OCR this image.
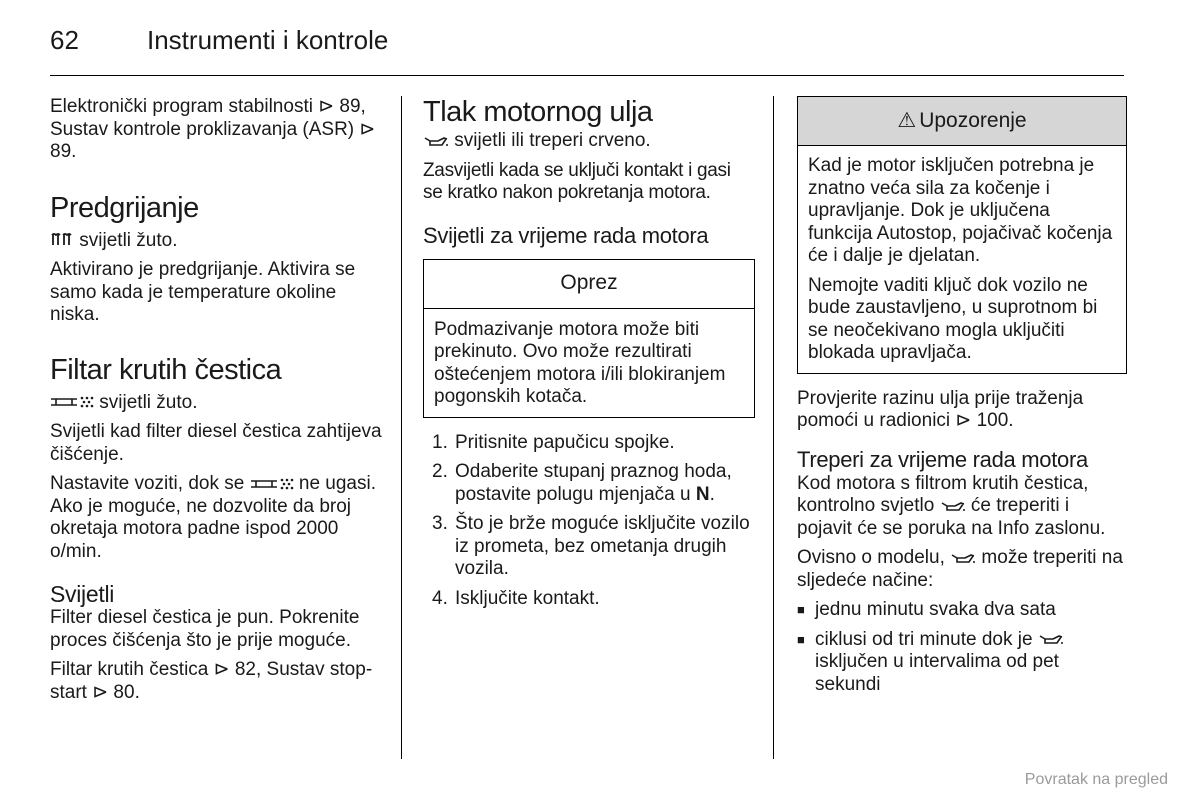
62	Instrumenti i kontrole

Elektronički program stabilnosti ⊳ 89, Sustav kontrole proklizavanja (ASR) ⊳ 89.

Predgrijanje

svijetli žuto.

Aktivirano je predgrijanje. Aktivira se samo kada je temperature okoline niska.

Filtar krutih čestica

svijetli žuto.

Svijetli kad filter diesel čestica zahtijeva čišćenje.

Nastavite voziti, dok se	ne ugasi. Ako je moguće, ne dozvolite da broj okretaja motora padne ispod 2000 o/min.

Svijetli

Filter diesel čestica je pun. Pokrenite proces čišćenja što je prije moguće.

Filtar krutih čestica ⊳ 82, Sustav stop-start ⊳ 80.

Tlak motornog ulja

svijetli ili treperi crveno.

Zasvijetli kada se uključi kontakt i gasi se kratko nakon pokretanja motora.

Svijetli za vrijeme rada motora
Oprez
Podmazivanje motora može biti prekinuto. Ovo može rezultirati oštećenjem motora i/ili blokiranjem pogonskih kotača.
1. Pritisnite papučicu spojke.
2. Odaberite stupanj praznog hoda, postavite polugu mjenjača u N.
3. Što je brže moguće isključite vozilo iz prometa, bez ometanja drugih vozila.
4. Isključite kontakt.
⚠ Upozorenje

Kad je motor isključen potrebna je znatno veća sila za kočenje i upravljanje. Dok je uključena funkcija Autostop, pojačivač kočenja će i dalje je djelatan.

Nemojte vaditi ključ dok vozilo ne bude zaustavljeno, u suprotnom bi se neočekivano mogla uključiti blokada upravljača.

Provjerite razinu ulja prije traženja pomoći u radionici ⊳ 100.

Treperi za vrijeme rada motora

Kod motora s filtrom krutih čestica, kontrolno svjetlo će treperiti i pojavit će se poruka na Info zaslonu.

Ovisno o modelu, može treperiti na sljedeće načine:

■ jednu minutu svaka dva sata
■ ciklusi od tri minute dok je  isključen u intervalima od pet sekundi
Povratak na pregled
